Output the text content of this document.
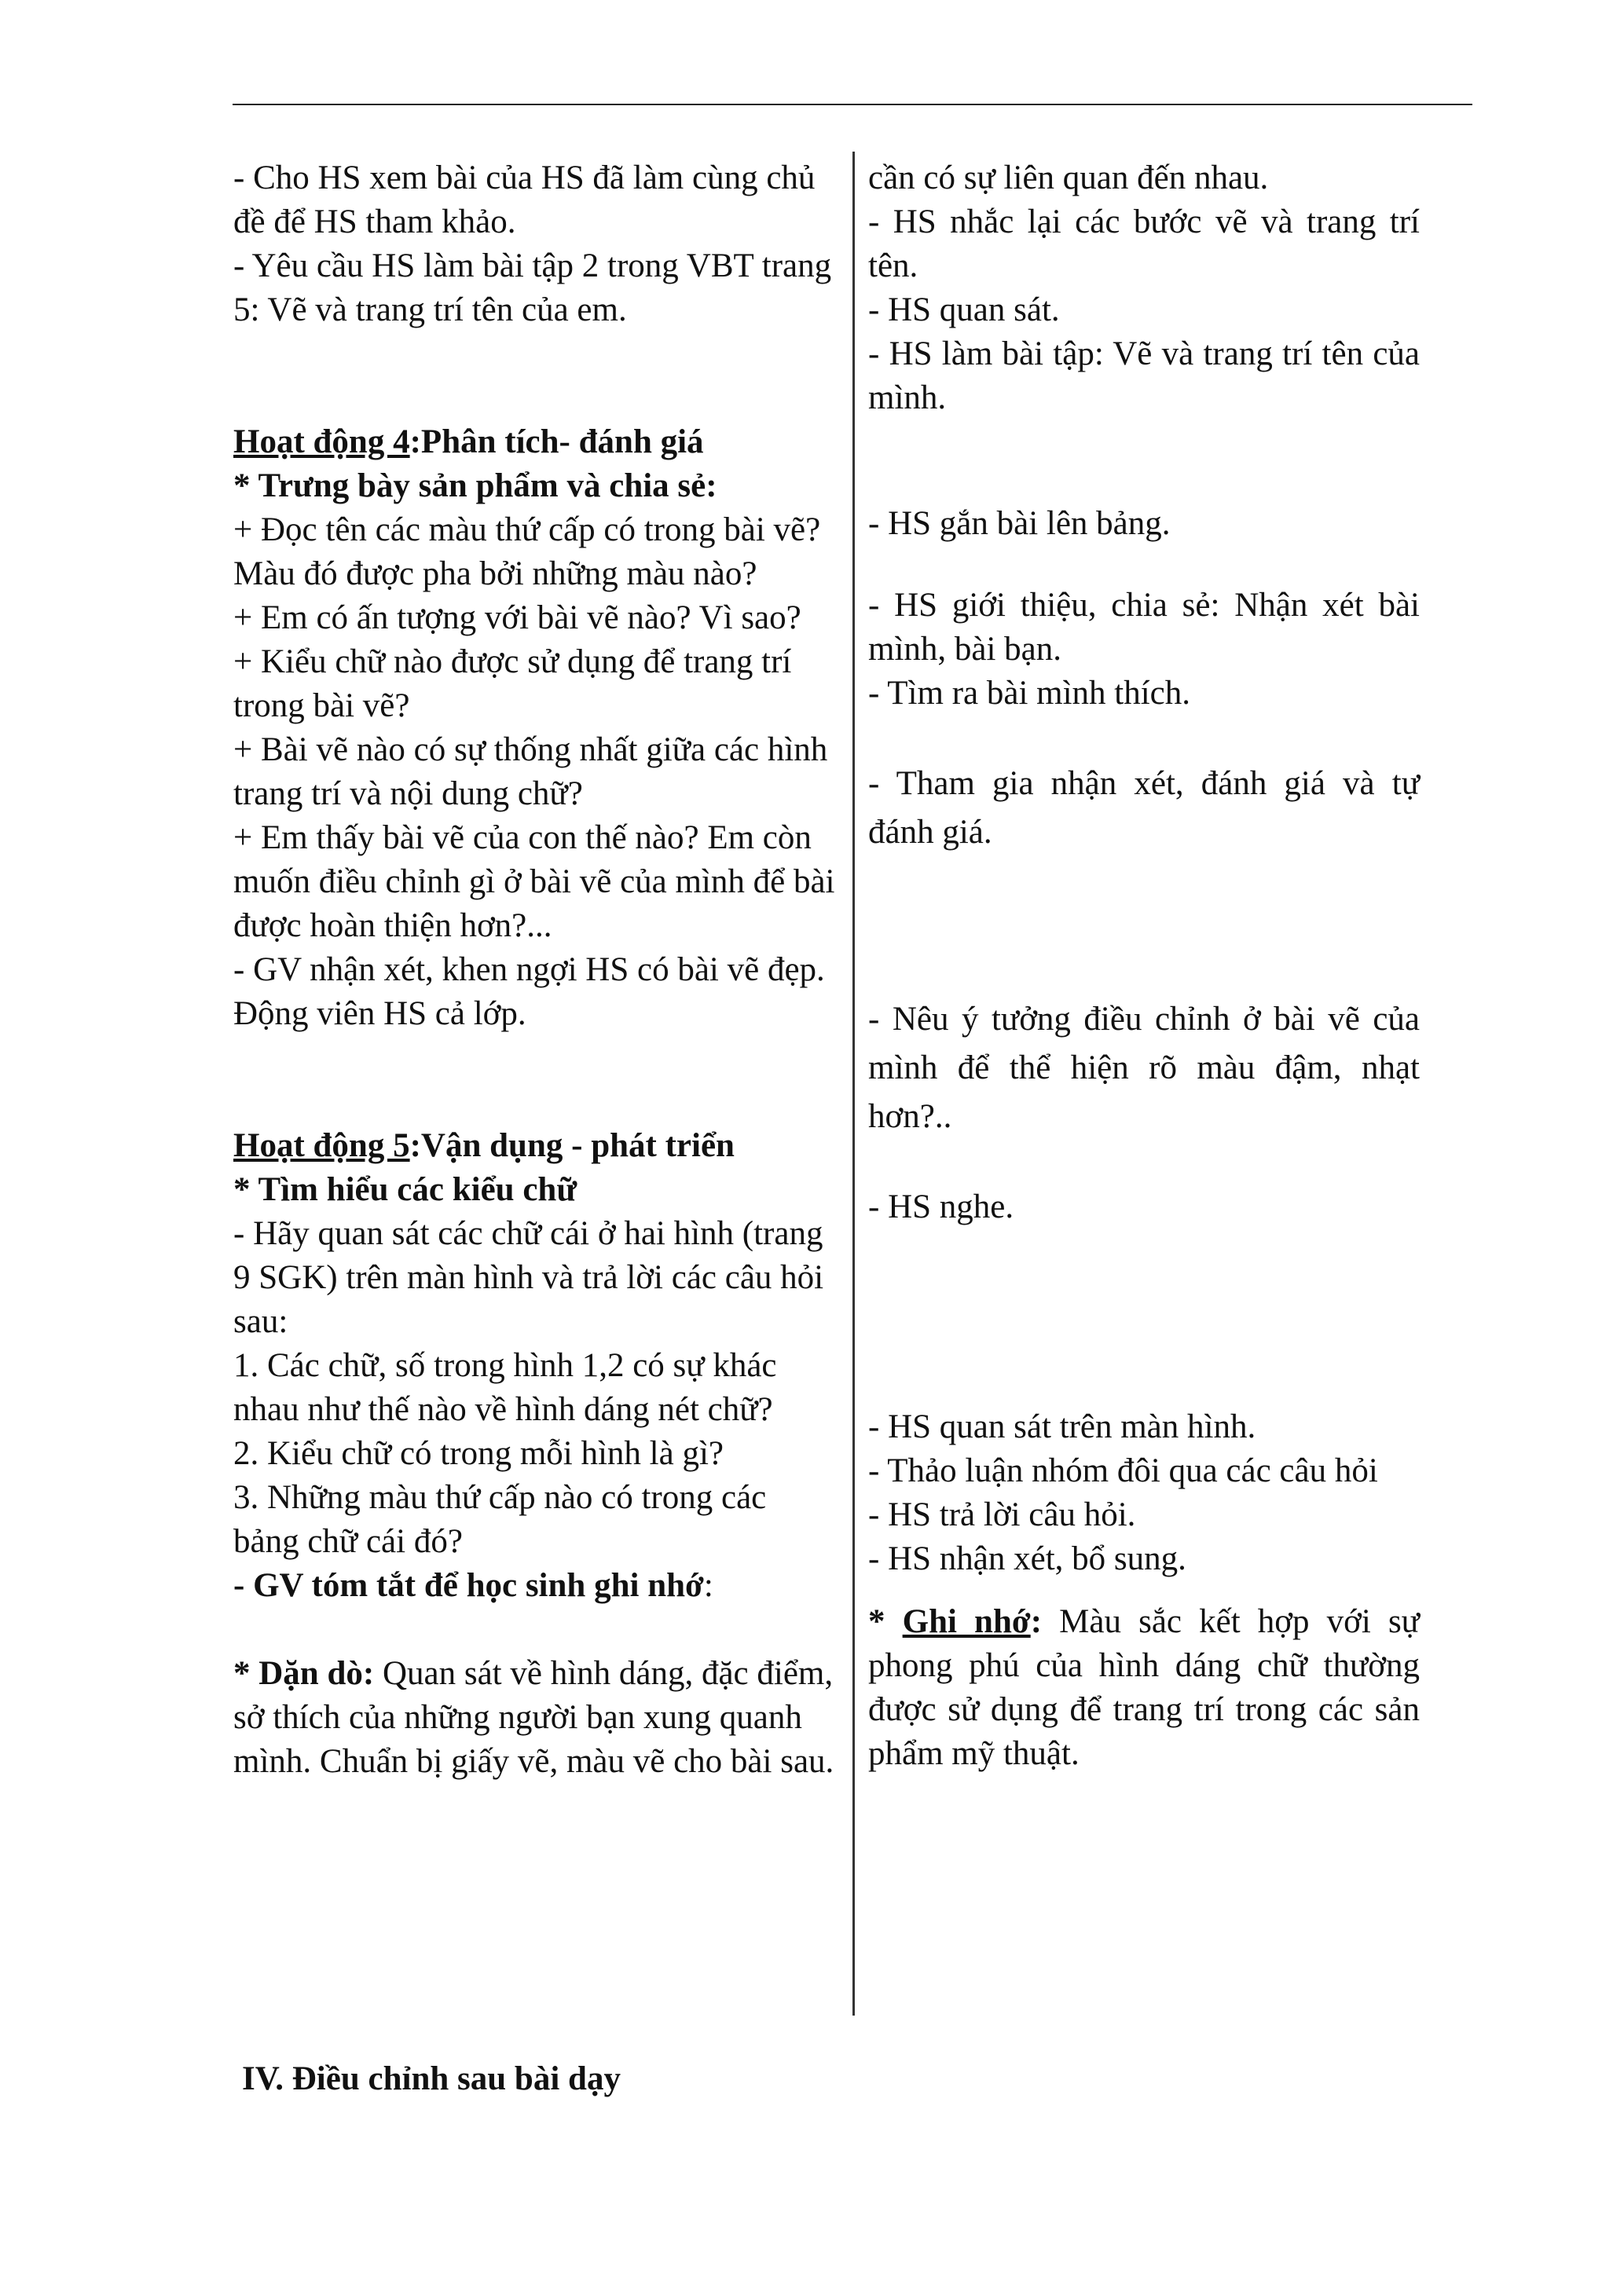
- Cho HS xem bài của HS đã làm cùng chủ đề để HS tham khảo.

- Yêu cầu HS làm bài tập 2 trong VBT trang 5: Vẽ và trang trí tên của em.

Hoạt động 4:Phân tích- đánh giá

* Trưng bày sản phẩm và chia sẻ:

+ Đọc tên các màu thứ cấp có trong bài vẽ? Màu đó được pha bởi những màu nào?

+ Em có ấn tượng với bài vẽ nào? Vì sao?

+ Kiểu chữ nào được sử dụng để trang trí trong bài vẽ?

+ Bài vẽ nào có sự thống nhất giữa các hình trang trí và nội dung chữ?

+ Em thấy bài vẽ của con thế nào? Em còn muốn điều chỉnh gì ở bài vẽ của mình để bài được hoàn thiện hơn?...

- GV nhận xét, khen ngợi HS có bài vẽ đẹp. Động viên HS cả lớp.

Hoạt động 5:Vận dụng - phát triển

* Tìm hiểu các kiểu chữ

- Hãy quan sát các chữ cái ở hai hình (trang 9 SGK) trên màn hình và trả lời các câu hỏi sau:

1. Các chữ, số trong hình 1,2 có sự khác nhau như thế nào về hình dáng nét chữ?

2. Kiểu chữ có trong mỗi hình là gì?

3. Những màu thứ cấp nào có trong các bảng chữ cái đó?

- GV tóm tắt để học sinh ghi nhớ:

* Dặn dò: Quan sát về hình dáng, đặc điểm, sở thích của những người bạn xung quanh mình. Chuẩn bị giấy vẽ, màu vẽ cho bài sau.

cần có sự liên quan đến nhau.

- HS nhắc lại các bước vẽ và trang trí tên.

- HS quan sát.

- HS làm bài tập: Vẽ và trang trí tên của mình.

- HS gắn bài lên bảng.

- HS giới thiệu, chia sẻ: Nhận xét bài mình, bài bạn.

- Tìm ra bài mình thích.

- Tham gia nhận xét, đánh giá và tự đánh giá.

- Nêu ý tưởng điều chỉnh ở bài vẽ của mình để thể hiện rõ màu đậm, nhạt hơn?..

- HS nghe.

- HS quan sát trên màn hình.

- Thảo luận nhóm đôi qua các câu hỏi

- HS trả lời câu hỏi.

- HS nhận xét, bổ sung.

* Ghi nhớ: Màu sắc kết hợp với sự phong phú của hình dáng chữ thường được sử dụng để trang trí trong các sản phẩm mỹ thuật.

IV. Điều chỉnh sau bài dạy
